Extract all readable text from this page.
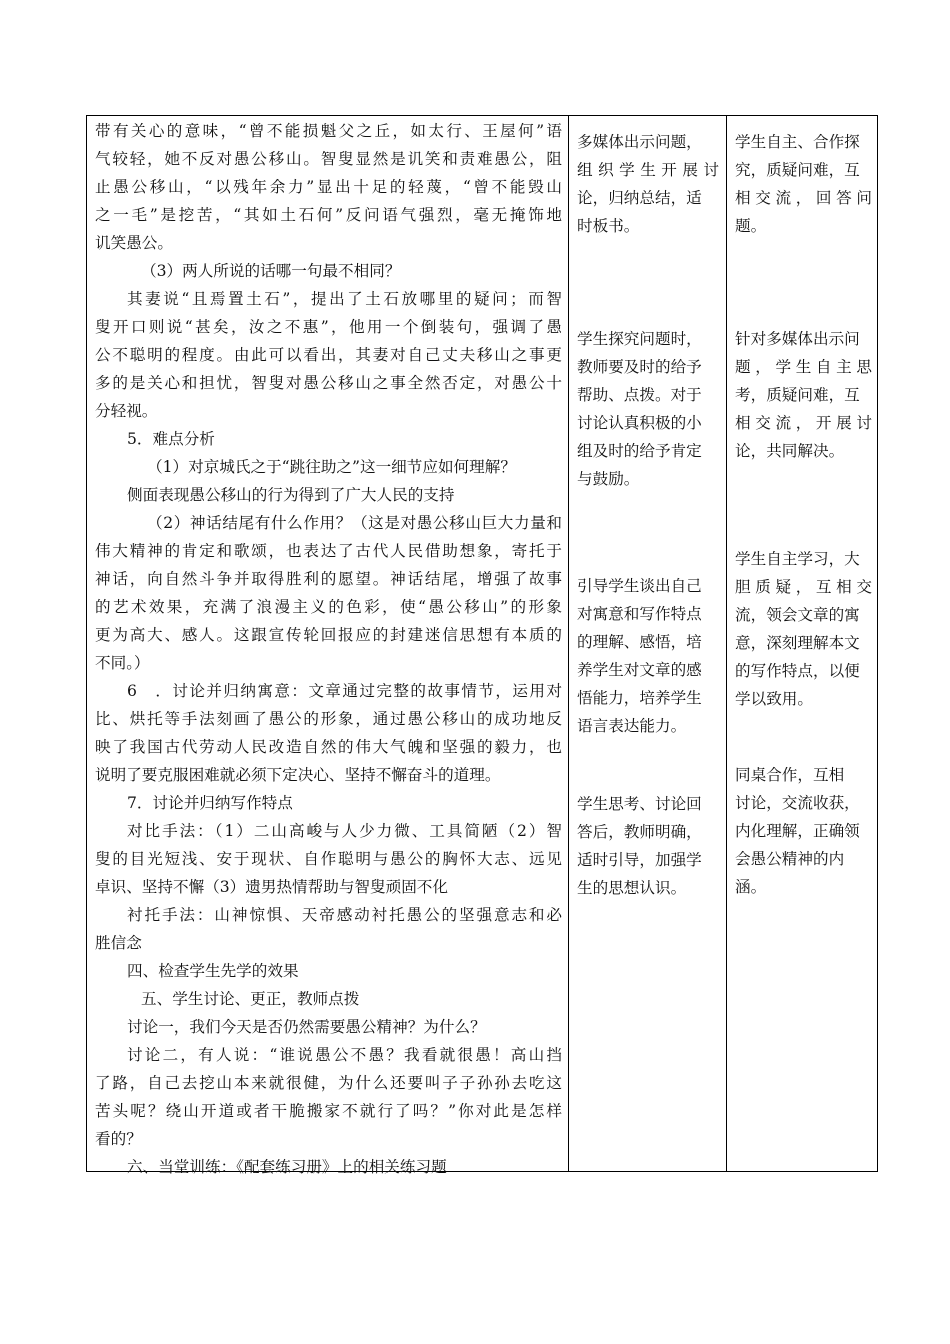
带有关心的意味，“曾不能损魁父之丘，如太行、王屋何”语
气较轻，她不反对愚公移山。智叟显然是讥笑和责难愚公，阻
止愚公移山，“以残年余力”显出十足的轻蔑，“曾不能毁山
之一毛”是挖苦，“其如土石何”反问语气强烈，毫无掩饰地
讥笑愚公。
（3）两人所说的话哪一句最不相同？
其妻说“且焉置土石”，提出了土石放哪里的疑问；而智
叟开口则说“甚矣，汝之不惠”，他用一个倒装句，强调了愚
公不聪明的程度。由此可以看出，其妻对自己丈夫移山之事更
多的是关心和担忧，智叟对愚公移山之事全然否定，对愚公十
分轻视。
5．难点分析
（1）对京城氏之于“跳往助之”这一细节应如何理解？
侧面表现愚公移山的行为得到了广大人民的支持
（2）神话结尾有什么作用？（这是对愚公移山巨大力量和
伟大精神的肯定和歌颂，也表达了古代人民借助想象，寄托于
神话，向自然斗争并取得胜利的愿望。神话结尾，增强了故事
的艺术效果，充满了浪漫主义的色彩，使“愚公移山”的形象
更为高大、感人。这跟宣传轮回报应的封建迷信思想有本质的
不同。）
6　．讨论并归纳寓意：文章通过完整的故事情节，运用对
比、烘托等手法刻画了愚公的形象，通过愚公移山的成功地反
映了我国古代劳动人民改造自然的伟大气魄和坚强的毅力，也
说明了要克服困难就必须下定决心、坚持不懈奋斗的道理。
7．讨论并归纳写作特点
对比手法：（1）二山高峻与人少力微、工具简陋（2）智
叟的目光短浅、安于现状、自作聪明与愚公的胸怀大志、远见
卓识、坚持不懈（3）遗男热情帮助与智叟顽固不化
衬托手法：山神惊惧、天帝感动衬托愚公的坚强意志和必
胜信念
四、检查学生先学的效果
五、学生讨论、更正，教师点拨
讨论一，我们今天是否仍然需要愚公精神？为什么？
讨论二，有人说：“谁说愚公不愚？我看就很愚！高山挡
了路，自己去挖山本来就很健，为什么还要叫子子孙孙去吃这
苦头呢？绕山开道或者干脆搬家不就行了吗？”你对此是怎样
看的？
六、当堂训练：《配套练习册》上的相关练习题
多媒体出示问题，
组织学生开展讨
论，归纳总结，适
时板书。
学生探究问题时，
教师要及时的给予
帮助、点拨。对于
讨论认真积极的小
组及时的给予肯定
与鼓励。
引导学生谈出自己
对寓意和写作特点
的理解、感悟，培
养学生对文章的感
悟能力，培养学生
语言表达能力。
学生思考、讨论回
答后，教师明确，
适时引导，加强学
生的思想认识。
学生自主、合作探
究，质疑问难，互
相交流，回答问
题。
针对多媒体出示问
题，学生自主思
考，质疑问难，互
相交流，开展讨
论，共同解决。
学生自主学习，大
胆质疑，互相交
流，领会文章的寓
意，深刻理解本文
的写作特点，以便
学以致用。
同桌合作，互相
讨论，交流收获，
内化理解，正确领
会愚公精神的内
涵。
